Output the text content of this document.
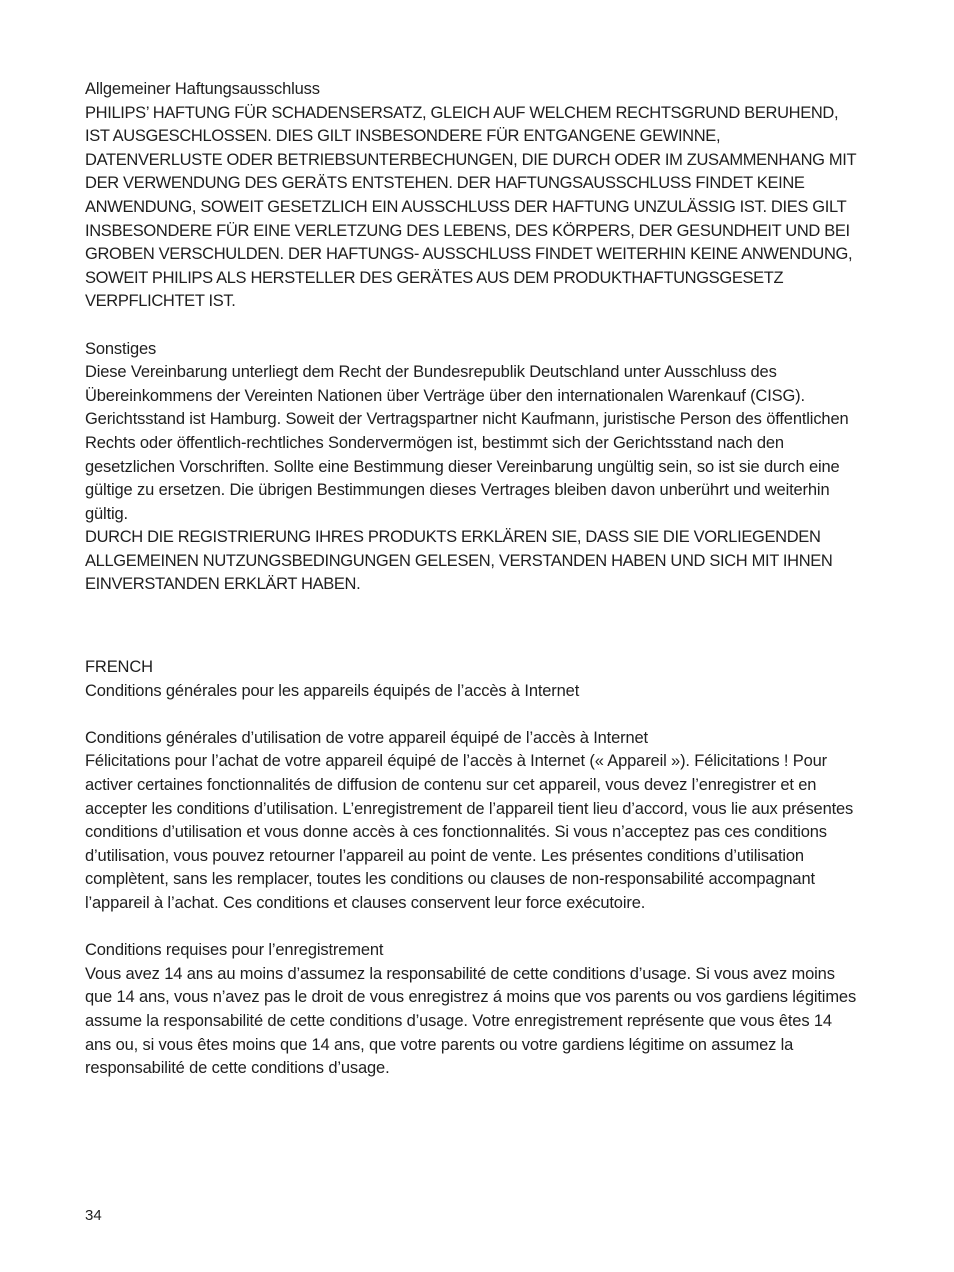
Allgemeiner Haftungsausschluss

PHILIPS’ HAFTUNG FÜR SCHADENSERSATZ, GLEICH AUF WELCHEM RECHTSGRUND BERUHEND, IST AUSGESCHLOSSEN. DIES GILT INSBESONDERE FÜR ENTGANGENE GEWINNE, DATENVERLUSTE ODER BETRIEBSUNTERBECHUNGEN, DIE DURCH ODER IM ZUSAMMENHANG MIT DER VERWENDUNG DES GERÄTS ENTSTEHEN. DER HAFTUNGSAUSSCHLUSS FINDET KEINE ANWENDUNG, SOWEIT GESETZLICH EIN AUSSCHLUSS DER HAFTUNG UNZULÄSSIG IST. DIES GILT INSBESONDERE FÜR EINE VERLETZUNG DES LEBENS, DES KÖRPERS, DER GESUNDHEIT UND BEI GROBEN VERSCHULDEN. DER HAFTUNGS- AUSSCHLUSS FINDET WEITERHIN KEINE ANWENDUNG, SOWEIT PHILIPS ALS HERSTELLER DES GERÄTES AUS DEM PRODUKTHAFTUNGSGESETZ VERPFLICHTET IST.

Sonstiges

Diese Vereinbarung unterliegt dem Recht der Bundesrepublik Deutschland unter Ausschluss des Übereinkommens der Vereinten Nationen über Verträge über den internationalen Warenkauf (CISG). Gerichtsstand ist Hamburg. Soweit der Vertragspartner nicht Kaufmann, juristische Person des öffentlichen Rechts oder öffentlich-rechtliches Sondervermögen ist, bestimmt sich der Gerichtsstand nach den gesetzlichen Vorschriften. Sollte eine Bestimmung dieser Vereinbarung ungültig sein, so ist sie durch eine gültige zu ersetzen. Die übrigen Bestimmungen dieses Vertrages bleiben davon unberührt und weiterhin gültig.

DURCH DIE REGISTRIERUNG IHRES PRODUKTS ERKLÄREN SIE, DASS SIE DIE VORLIEGENDEN ALLGEMEINEN NUTZUNGSBEDINGUNGEN GELESEN, VERSTANDEN HABEN UND SICH MIT IHNEN EINVERSTANDEN ERKLÄRT HABEN.

FRENCH

Conditions générales pour les appareils équipés de l’accès à Internet

Conditions générales d’utilisation de votre appareil équipé de l’accès à Internet

Félicitations pour l’achat de votre appareil équipé de l’accès à Internet (« Appareil »). Félicitations ! Pour activer certaines fonctionnalités de diffusion de contenu sur cet appareil, vous devez l’enregistrer et en accepter les conditions d’utilisation. L’enregistrement de l’appareil tient lieu d’accord, vous lie aux présentes conditions d’utilisation et vous donne accès à ces fonctionnalités. Si vous n’acceptez pas ces conditions d’utilisation, vous pouvez retourner l’appareil au point de vente. Les présentes conditions d’utilisation complètent, sans les remplacer, toutes les conditions ou clauses de non-responsabilité accompagnant l’appareil à l’achat. Ces conditions et clauses conservent leur force exécutoire.

Conditions requises pour l’enregistrement

Vous avez 14 ans au moins d’assumez la responsabilité de cette conditions d’usage. Si vous avez moins que 14 ans, vous n’avez pas le droit de vous enregistrez á moins que vos parents ou vos gardiens légitimes assume la responsabilité de cette conditions d’usage. Votre enregistrement représente que vous êtes 14 ans ou, si vous êtes moins que 14 ans, que votre parents ou votre gardiens légitime on assumez la responsabilité de cette conditions d’usage.

34
